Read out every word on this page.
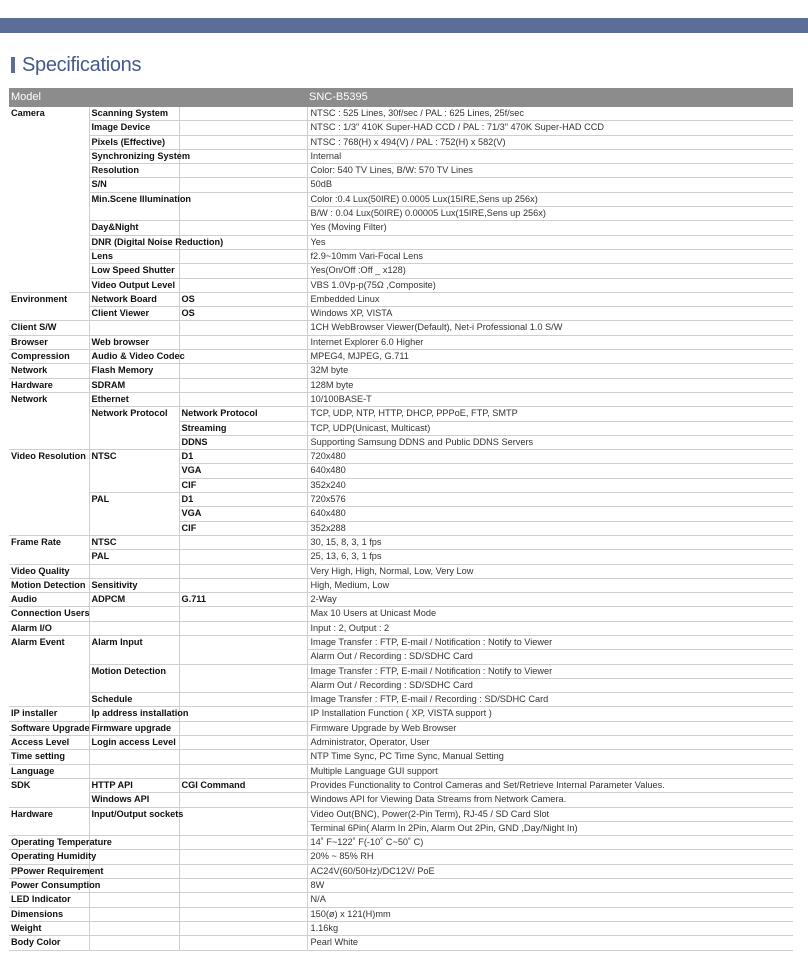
Specifications
Model			SNC-B5395
Camera	Scanning System		NTSC : 525 Lines, 30f/sec / PAL : 625 Lines, 25f/sec
	Image Device		NTSC : 1/3" 410K Super-HAD CCD / PAL : 71/3" 470K Super-HAD CCD
	Pixels (Effective)		NTSC : 768(H) x 494(V) / PAL : 752(H) x 582(V)
	Synchronizing System		Internal
	Resolution		Color: 540 TV Lines, B/W: 570 TV Lines
	S/N		50dB
	Min.Scene Illumination		Color :0.4 Lux(50IRE) 0.0005 Lux(15IRE,Sens up 256x)
			B/W : 0.04 Lux(50IRE) 0.00005 Lux(15IRE,Sens up 256x)
	Day&Night		Yes (Moving Filter)
	DNR (Digital Noise Reduction)		Yes
	Lens		f2.9~10mm Vari-Focal Lens
	Low Speed Shutter		Yes(On/Off :Off _ x128)
	Video Output Level		VBS 1.0Vp-p(75Ω ,Composite)
Environment	Network Board	OS	Embedded Linux
	Client Viewer	OS	Windows XP, VISTA
Client S/W			1CH WebBrowser Viewer(Default), Net-i Professional 1.0 S/W
Browser	Web browser		Internet Explorer 6.0 Higher
Compression	Audio & Video Codec		MPEG4, MJPEG, G.711
Network	Flash Memory		32M byte
Hardware	SDRAM		128M byte
Network	Ethernet		10/100BASE-T
	Network Protocol	Network Protocol	TCP, UDP, NTP, HTTP, DHCP, PPPoE, FTP, SMTP
		Streaming	TCP, UDP(Unicast, Multicast)
		DDNS	Supporting Samsung DDNS and Public DDNS Servers
Video Resolution	NTSC	D1	720x480
		VGA	640x480
		CIF	352x240
	PAL	D1	720x576
		VGA	640x480
		CIF	352x288
Frame Rate	NTSC		30, 15, 8, 3, 1 fps
	PAL		25, 13, 6, 3, 1 fps
Video Quality			Very High, High, Normal, Low, Very Low
Motion Detection	Sensitivity		High, Medium, Low
Audio	ADPCM	G.711	2-Way
Connection Users			Max 10 Users at Unicast Mode
Alarm I/O			Input : 2, Output : 2
Alarm Event	Alarm Input		Image Transfer : FTP, E-mail / Notification : Notify to Viewer
			Alarm Out / Recording : SD/SDHC Card
	Motion Detection		Image Transfer : FTP, E-mail / Notification : Notify to Viewer
			Alarm Out / Recording : SD/SDHC Card
	Schedule		Image Transfer : FTP, E-mail / Recording : SD/SDHC Card
IP installer	Ip address installation		IP Installation Function ( XP, VISTA support )
Software Upgrade	Firmware upgrade		Firmware Upgrade by Web Browser
Access Level	Login access Level		Administrator, Operator, User
Time setting			NTP Time Sync, PC Time Sync, Manual Setting
Language			Multiple Language GUI support
SDK	HTTP API	CGI Command	Provides Functionality to Control Cameras and Set/Retrieve Internal Parameter Values.
	Windows API		Windows API for Viewing Data Streams from Network Camera.
Hardware	Input/Output sockets		Video Out(BNC), Power(2-Pin Term), RJ-45 / SD Card Slot
			Terminal 6Pin( Alarm In 2Pin, Alarm Out 2Pin, GND ,Day/Night In)
Operating Temperature			14˚ F~122˚ F(-10˚ C~50˚ C)
Operating Humidity			20% ~ 85% RH
PPower Requirement			AC24V(60/50Hz)/DC12V/ PoE
Power Consumption			8W
LED Indicator			N/A
Dimensions			150(ø) x 121(H)mm
Weight			1.16kg
Body Color			Pearl White
